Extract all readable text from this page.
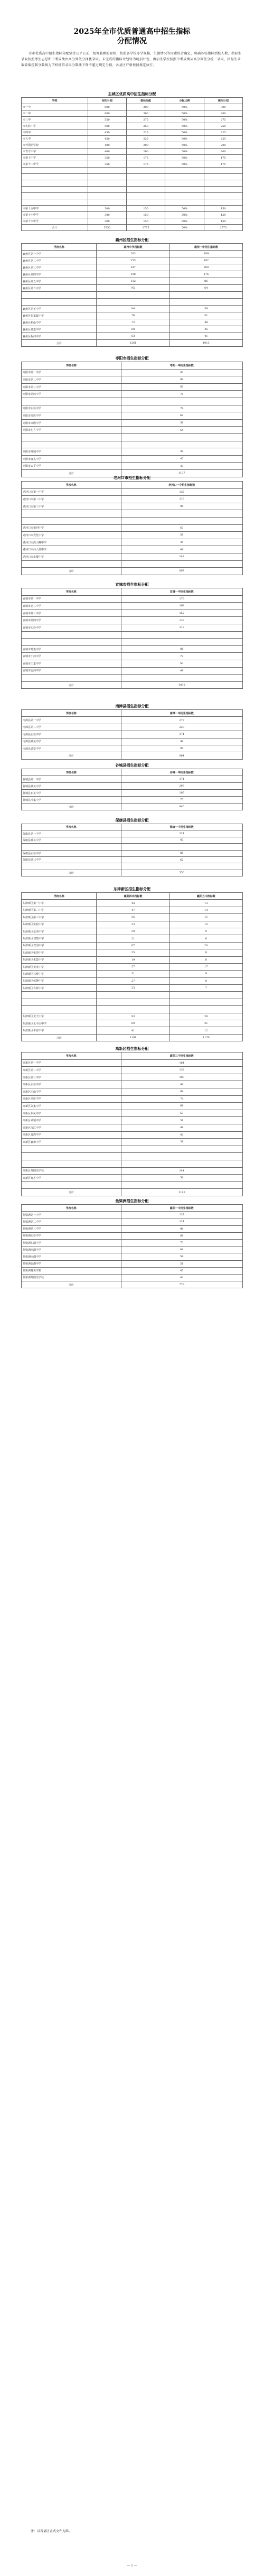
2025年全市优质普通高中招生指标
分配情况

全市优质高中招生指标分配坚持公平公正、统筹兼顾的原则，按照各学校办学规模、生源情况等因素综合确定，明确各校指标到校人数。指标生录取按照考生志愿和中考成绩由高分到低分择优录取。未完成的指标计划转为统招计划，由招生学校按照中考成绩从高分到低分统一录取，指标生录取最低控制分数线为学校统招录取分数线下降不超过规定分值，各县区严格按照规定执行。

主城区优质高中招生指标分配
学校	招生计划	指标分配	分配比例	统招计划
市一中	600	300	50%	300
市二中	600	300	50%	300
市三中	550	275	50%	275
市实验中学	500	250	50%	250
市四中	450	225	50%	225
市五中	450	225	50%	225
市外国语学校	400	200	50%	200
市育才中学	400	200	50%	200
市第十中学	350	175	50%	175
市第十二中学	350	175	50%	175

市第十五中学	300	150	50%	150
市第十六中学	300	150	50%	150
市第十八中学	300	150	50%	150
合计	5550	2775	50%	2775
襄州区招生指标分配
学校名称	襄州中学指标数	襄州一中招生指标数
襄州区第一中学	263	189
襄州区第二中学	255	197
襄州区第三中学	247	208
襄州区第四中学	198	176
襄州区第五中学	112	86
襄州区第六中学	95	64

襄州区龙王中学	84	59
襄州区张家集中学	76	51
襄州区峪山中学	72	48
襄州区黄集中学	68	45
襄州区程河中学	63	41
合计	1261	1013
枣阳市招生指标分配
学校名称	枣阳一中招生指标数
枣阳市第一中学	97
枣阳市第二中学	89
枣阳市第三中学	85
枣阳市第四中学	78

枣阳市实验中学	76
枣阳市吴店中学	62
枣阳市兴隆中学	58
枣阳市七方中学	54

枣阳市环城中学	49
枣阳市鹿头中学	47
枣阳市太平中学	43
合计	1137
老河口市招生指标分配
学校名称	老河口一中招生指标数
老河口市第一中学	135
老河口市第二中学	118
老河口市第三中学	96

老河口市第四中学	67
老河口市光化中学	58
老河口市洪山嘴中学	45
老河口市仙人渡中学	49
老河口市孟楼中学	147

合计	897
宜城市招生指标分配
学校名称	宜城一中招生指标数
宜城市第一中学	176
宜城市第二中学	168
宜城市第三中学	152
宜城市第四中学	128
宜城市实验中学	117

宜城市郑集中学	86
宜城市小河中学	72
宜城市王集中学	53
宜城市雷河中学	49

合计	1030
南漳县招生指标分配
学校名称	南漳一中招生指标数
南漳县第一中学	277
南漳县第二中学	223
南漳县实验中学	171
南漳县城关中学	98
南漳县武安中学	95
合计	864
谷城县招生指标分配
学校名称	谷城一中招生指标数
谷城县第一中学	371
谷城县城关中学	293
谷城县石花中学	105
谷城县冷集中学	77
合计	846
保康县招生指标分配
学校名称	保康一中招生指标数
保康县第一中学	321
保康县城关中学	82

保康县实验中学	85
保康县歇马中学	62

合计	550
东津新区招生指标分配
学校名称	襄阳四中指标数	襄阳五中指标数
东津新区第一中学	44	13
东津新区第二中学	47	14
东津新区第三中学	35	11
东津新区实验中学	33	10
东津新区东津中学	29	9
东津新区刘集中学	21	6
东津新区双沟中学	67	20
东津新区张湾中学	25	8
东津新区朱集中学	19	6
东津新区黄龙中学	57	17
东津新区石桥中学	31	9
东津新区伙牌中学	27	8
东津新区古驿中学	23	7

东津新区龙王中学	93	28
东津新区太平店中学	69	21
东津新区牛首中学	41	12
合计	1191	1170
高新区招生指标分配
学校名称	襄阳三中招生指标数
高新区第一中学	164
高新区第二中学	132
高新区第三中学	108
高新区实验中学	96
高新区团山中学	89
高新区米庄中学	74
高新区刘集中学	68
高新区东风中学	57
高新区邓城中学	51
高新区汉江中学	46
高新区肖湾中学	42
高新区襄州中学	38

高新区外国语学校	244
高新区育才中学	56

合计	1192
鱼梁洲招生指标分配
学校名称	襄阳一中招生指标数
鱼梁洲第一中学	137
鱼梁洲第二中学	124
鱼梁洲第三中学	98
鱼梁洲实验中学	86
鱼梁洲东湖中学	72
鱼梁洲西湖中学	64
鱼梁洲南湖中学	58
鱼梁洲北湖中学	51
鱼梁洲育英学校	47
鱼梁洲外国语学校	42
合计	779
注：以各县区正式文件为准。
— 1 —
